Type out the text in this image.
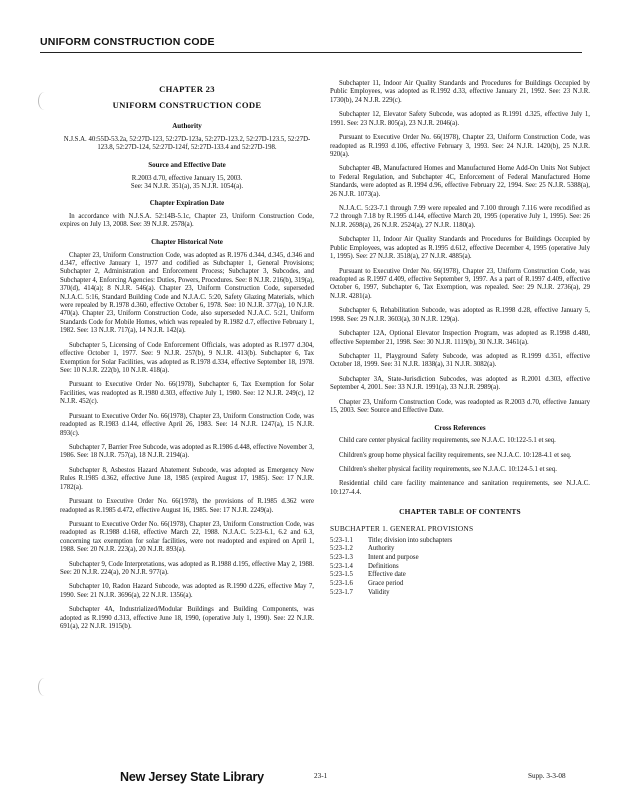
UNIFORM CONSTRUCTION CODE
CHAPTER 23
UNIFORM CONSTRUCTION CODE
Authority

N.J.S.A. 40:55D-53.2a, 52:27D-123, 52:27D-123a, 52:27D-123.2, 52:27D-123.5, 52:27D-123.8, 52:27D-124, 52:27D-124f, 52:27D-133.4 and 52:27D-198.

Source and Effective Date

R.2003 d.70, effective January 15, 2003.

See: 34 N.J.R. 351(a), 35 N.J.R. 1054(a).

Chapter Expiration Date

In accordance with N.J.S.A. 52:14B-5.1c, Chapter 23, Uniform Construction Code, expires on July 13, 2008. See: 39 N.J.R. 2578(a).

Chapter Historical Note

Chapter 23, Uniform Construction Code, was adopted as R.1976 d.344, d.345, d.346 and d.347, effective January 1, 1977 and codified as Subchapter 1, General Provisions; Subchapter 2, Administration and Enforcement Process; Subchapter 3, Subcodes, and Subchapter 4, Enforcing Agencies: Duties, Powers, Procedures. See: 8 N.J.R. 216(b), 319(a), 370(d), 414(a); 8 N.J.R. 546(a). Chapter 23, Uniform Construction Code, superseded N.J.A.C. 5:16, Standard Building Code and N.J.A.C. 5:20, Safety Glazing Materials, which were repealed by R.1978 d.360, effective October 6, 1978. See: 10 N.J.R. 377(a), 10 N.J.R. 470(a). Chapter 23, Uniform Construction Code, also superseded N.J.A.C. 5:21, Uniform Standards Code for Mobile Homes, which was repealed by R.1982 d.7, effective February 1, 1982. See: 13 N.J.R. 717(a), 14 N.J.R. 142(a).

Subchapter 5, Licensing of Code Enforcement Officials, was adopted as R.1977 d.304, effective October 1, 1977. See: 9 N.J.R. 257(b), 9 N.J.R. 413(b). Subchapter 6, Tax Exemption for Solar Facilities, was adopted as R.1978 d.334, effective September 18, 1978. See: 10 N.J.R. 222(b), 10 N.J.R. 418(a).

Pursuant to Executive Order No. 66(1978), Subchapter 6, Tax Exemption for Solar Facilities, was readopted as R.1980 d.303, effective July 1, 1980. See: 12 N.J.R. 249(c), 12 N.J.R. 452(c).

Pursuant to Executive Order No. 66(1978), Chapter 23, Uniform Construction Code, was readopted as R.1983 d.144, effective April 26, 1983. See: 14 N.J.R. 1247(a), 15 N.J.R. 893(c).

Subchapter 7, Barrier Free Subcode, was adopted as R.1986 d.448, effective November 3, 1986. See: 18 N.J.R. 757(a), 18 N.J.R. 2194(a).

Subchapter 8, Asbestos Hazard Abatement Subcode, was adopted as Emergency New Rules R.1985 d.362, effective June 18, 1985 (expired August 17, 1985). See: 17 N.J.R. 1782(a).

Pursuant to Executive Order No. 66(1978), the provisions of R.1985 d.362 were readopted as R.1985 d.472, effective August 16, 1985. See: 17 N.J.R. 2249(a).

Pursuant to Executive Order No. 66(1978), Chapter 23, Uniform Construction Code, was readopted as R.1988 d.168, effective March 22, 1988. N.J.A.C. 5:23-6.1, 6.2 and 6.3, concerning tax exemption for solar facilities, were not readopted and expired on April 1, 1988. See: 20 N.J.R. 223(a), 20 N.J.R. 893(a).

Subchapter 9, Code Interpretations, was adopted as R.1988 d.195, effective May 2, 1988. See: 20 N.J.R. 224(a), 20 N.J.R. 977(a).

Subchapter 10, Radon Hazard Subcode, was adopted as R.1990 d.226, effective May 7, 1990. See: 21 N.J.R. 3696(a), 22 N.J.R. 1356(a).

Subchapter 4A, Industrialized/Modular Buildings and Building Components, was adopted as R.1990 d.313, effective June 18, 1990, (operative July 1, 1990). See: 22 N.J.R. 691(a), 22 N.J.R. 1915(b).

Subchapter 11, Indoor Air Quality Standards and Procedures for Buildings Occupied by Public Employees, was adopted as R.1992 d.33, effective January 21, 1992. See: 23 N.J.R. 1730(b), 24 N.J.R. 229(c).

Subchapter 12, Elevator Safety Subcode, was adopted as R.1991 d.325, effective July 1, 1991. See: 23 N.J.R. 805(a), 23 N.J.R. 2046(a).

Pursuant to Executive Order No. 66(1978), Chapter 23, Uniform Construction Code, was readopted as R.1993 d.106, effective February 3, 1993. See: 24 N.J.R. 1420(b), 25 N.J.R. 920(a).

Subchapter 4B, Manufactured Homes and Manufactured Home Add-On Units Not Subject to Federal Regulation, and Subchapter 4C, Enforcement of Federal Manufactured Home Standards, were adopted as R.1994 d.96, effective February 22, 1994. See: 25 N.J.R. 5388(a), 26 N.J.R. 1073(a).

N.J.A.C. 5:23-7.1 through 7.99 were repealed and 7.100 through 7.116 were recodified as 7.2 through 7.18 by R.1995 d.144, effective March 20, 1995 (operative July 1, 1995). See: 26 N.J.R. 2698(a), 26 N.J.R. 2524(a), 27 N.J.R. 1180(a).

Subchapter 11, Indoor Air Quality Standards and Procedures for Buildings Occupied by Public Employees, was adopted as R.1995 d.612, effective December 4, 1995 (operative July 1, 1995). See: 27 N.J.R. 3518(a), 27 N.J.R. 4885(a).

Pursuant to Executive Order No. 66(1978), Chapter 23, Uniform Construction Code, was readopted as R.1997 d.409, effective September 9, 1997. As a part of R.1997 d.409, effective October 6, 1997, Subchapter 6, Tax Exemption, was repealed. See: 29 N.J.R. 2736(a), 29 N.J.R. 4281(a).

Subchapter 6, Rehabilitation Subcode, was adopted as R.1998 d.28, effective January 5, 1998. See: 29 N.J.R. 3603(a), 30 N.J.R. 129(a).

Subchapter 12A, Optional Elevator Inspection Program, was adopted as R.1998 d.480, effective September 21, 1998. See: 30 N.J.R. 1119(b), 30 N.J.R. 3461(a).

Subchapter 11, Playground Safety Subcode, was adopted as R.1999 d.351, effective October 18, 1999. See: 31 N.J.R. 1838(a), 31 N.J.R. 3082(a).

Subchapter 3A, State-Jurisdiction Subcodes, was adopted as R.2001 d.303, effective September 4, 2001. See: 33 N.J.R. 1991(a), 33 N.J.R. 2989(a).

Chapter 23, Uniform Construction Code, was readopted as R.2003 d.70, effective January 15, 2003. See: Source and Effective Date.

Cross References

Child care center physical facility requirements, see N.J.A.C. 10:122-5.1 et seq.

Children's group home physical facility requirements, see N.J.A.C. 10:128-4.1 et seq.

Children's shelter physical facility requirements, see N.J.A.C. 10:124-5.1 et seq.

Residential child care facility maintenance and sanitation requirements, see N.J.A.C. 10:127-4.4.

CHAPTER TABLE OF CONTENTS
SUBCHAPTER 1. GENERAL PROVISIONS
5:23-1.1	Title; division into subchapters
5:23-1.2	Authority
5:23-1.3	Intent and purpose
5:23-1.4	Definitions
5:23-1.5	Effective date
5:23-1.6	Grace period
5:23-1.7	Validity
New Jersey State Library	23-1	Supp. 3-3-08
